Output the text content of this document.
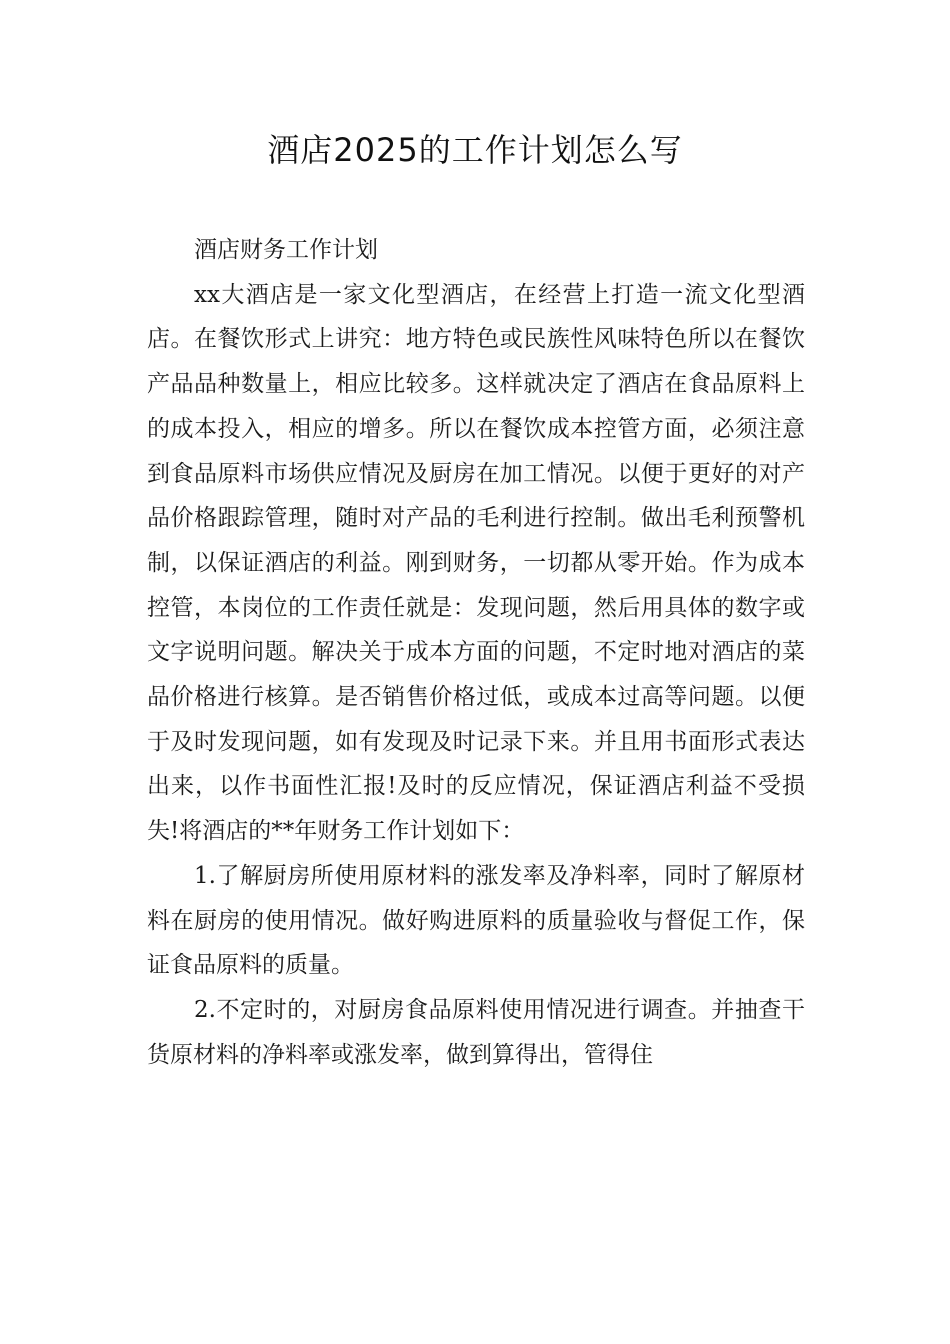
酒店2025的工作计划怎么写

酒店财务工作计划

xx大酒店是一家文化型酒店，在经营上打造一流文化型酒店。在餐饮形式上讲究：地方特色或民族性风味特色所以在餐饮产品品种数量上，相应比较多。这样就决定了酒店在食品原料上的成本投入，相应的增多。所以在餐饮成本控管方面，必须注意到食品原料市场供应情况及厨房在加工情况。以便于更好的对产品价格跟踪管理，随时对产品的毛利进行控制。做出毛利预警机制，以保证酒店的利益。刚到财务，一切都从零开始。作为成本控管，本岗位的工作责任就是：发现问题，然后用具体的数字或文字说明问题。解决关于成本方面的问题，不定时地对酒店的菜品价格进行核算。是否销售价格过低，或成本过高等问题。以便于及时发现问题，如有发现及时记录下来。并且用书面形式表达出来，以作书面性汇报!及时的反应情况，保证酒店利益不受损失!将酒店的**年财务工作计划如下：

1.了解厨房所使用原材料的涨发率及净料率，同时了解原材料在厨房的使用情况。做好购进原料的质量验收与督促工作，保证食品原料的质量。

2.不定时的，对厨房食品原料使用情况进行调查。并抽查干货原材料的净料率或涨发率，做到算得出，管得住
